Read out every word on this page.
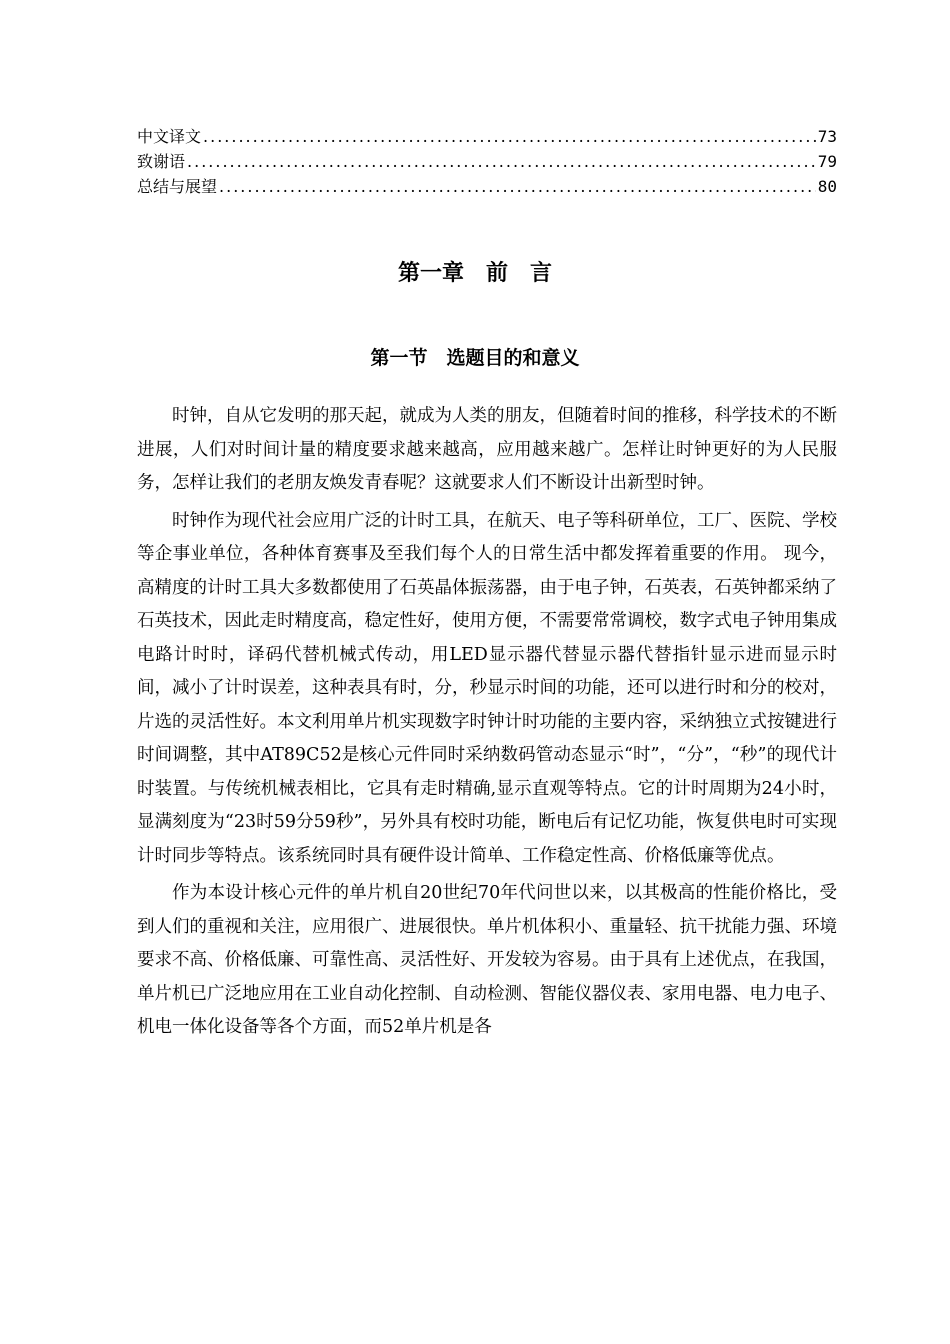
中文译文 .....	73
致谢语 .....	79
总结与展望 .....	80
第一章　前　言
第一节　选题目的和意义

时钟，自从它发明的那天起，就成为人类的朋友，但随着时间的推移，科学技术的不断进展，人们对时间计量的精度要求越来越高，应用越来越广。怎样让时钟更好的为人民服务，怎样让我们的老朋友焕发青春呢？这就要求人们不断设计出新型时钟。

时钟作为现代社会应用广泛的计时工具，在航天、电子等科研单位，工厂、医院、学校等企事业单位，各种体育赛事及至我们每个人的日常生活中都发挥着重要的作用。 现今，高精度的计时工具大多数都使用了石英晶体振荡器，由于电子钟，石英表，石英钟都采纳了石英技术，因此走时精度高，稳定性好，使用方便，不需要常常调校，数字式电子钟用集成电路计时时，译码代替机械式传动，用LED显示器代替显示器代替指针显示进而显示时间，减小了计时误差，这种表具有时，分，秒显示时间的功能，还可以进行时和分的校对，片选的灵活性好。本文利用单片机实现数字时钟计时功能的主要内容，采纳独立式按键进行时间调整，其中AT89C52是核心元件同时采纳数码管动态显示“时”，“分”，“秒”的现代计时装置。与传统机械表相比，它具有走时精确,显示直观等特点。它的计时周期为24小时，显满刻度为“23时59分59秒”，另外具有校时功能，断电后有记忆功能，恢复供电时可实现计时同步等特点。该系统同时具有硬件设计简单、工作稳定性高、价格低廉等优点。

作为本设计核心元件的单片机自20世纪70年代问世以来，以其极高的性能价格比，受到人们的重视和关注，应用很广、进展很快。单片机体积小、重量轻、抗干扰能力强、环境要求不高、价格低廉、可靠性高、灵活性好、开发较为容易。由于具有上述优点，在我国，单片机已广泛地应用在工业自动化控制、自动检测、智能仪器仪表、家用电器、电力电子、机电一体化设备等各个方面，而52单片机是各
